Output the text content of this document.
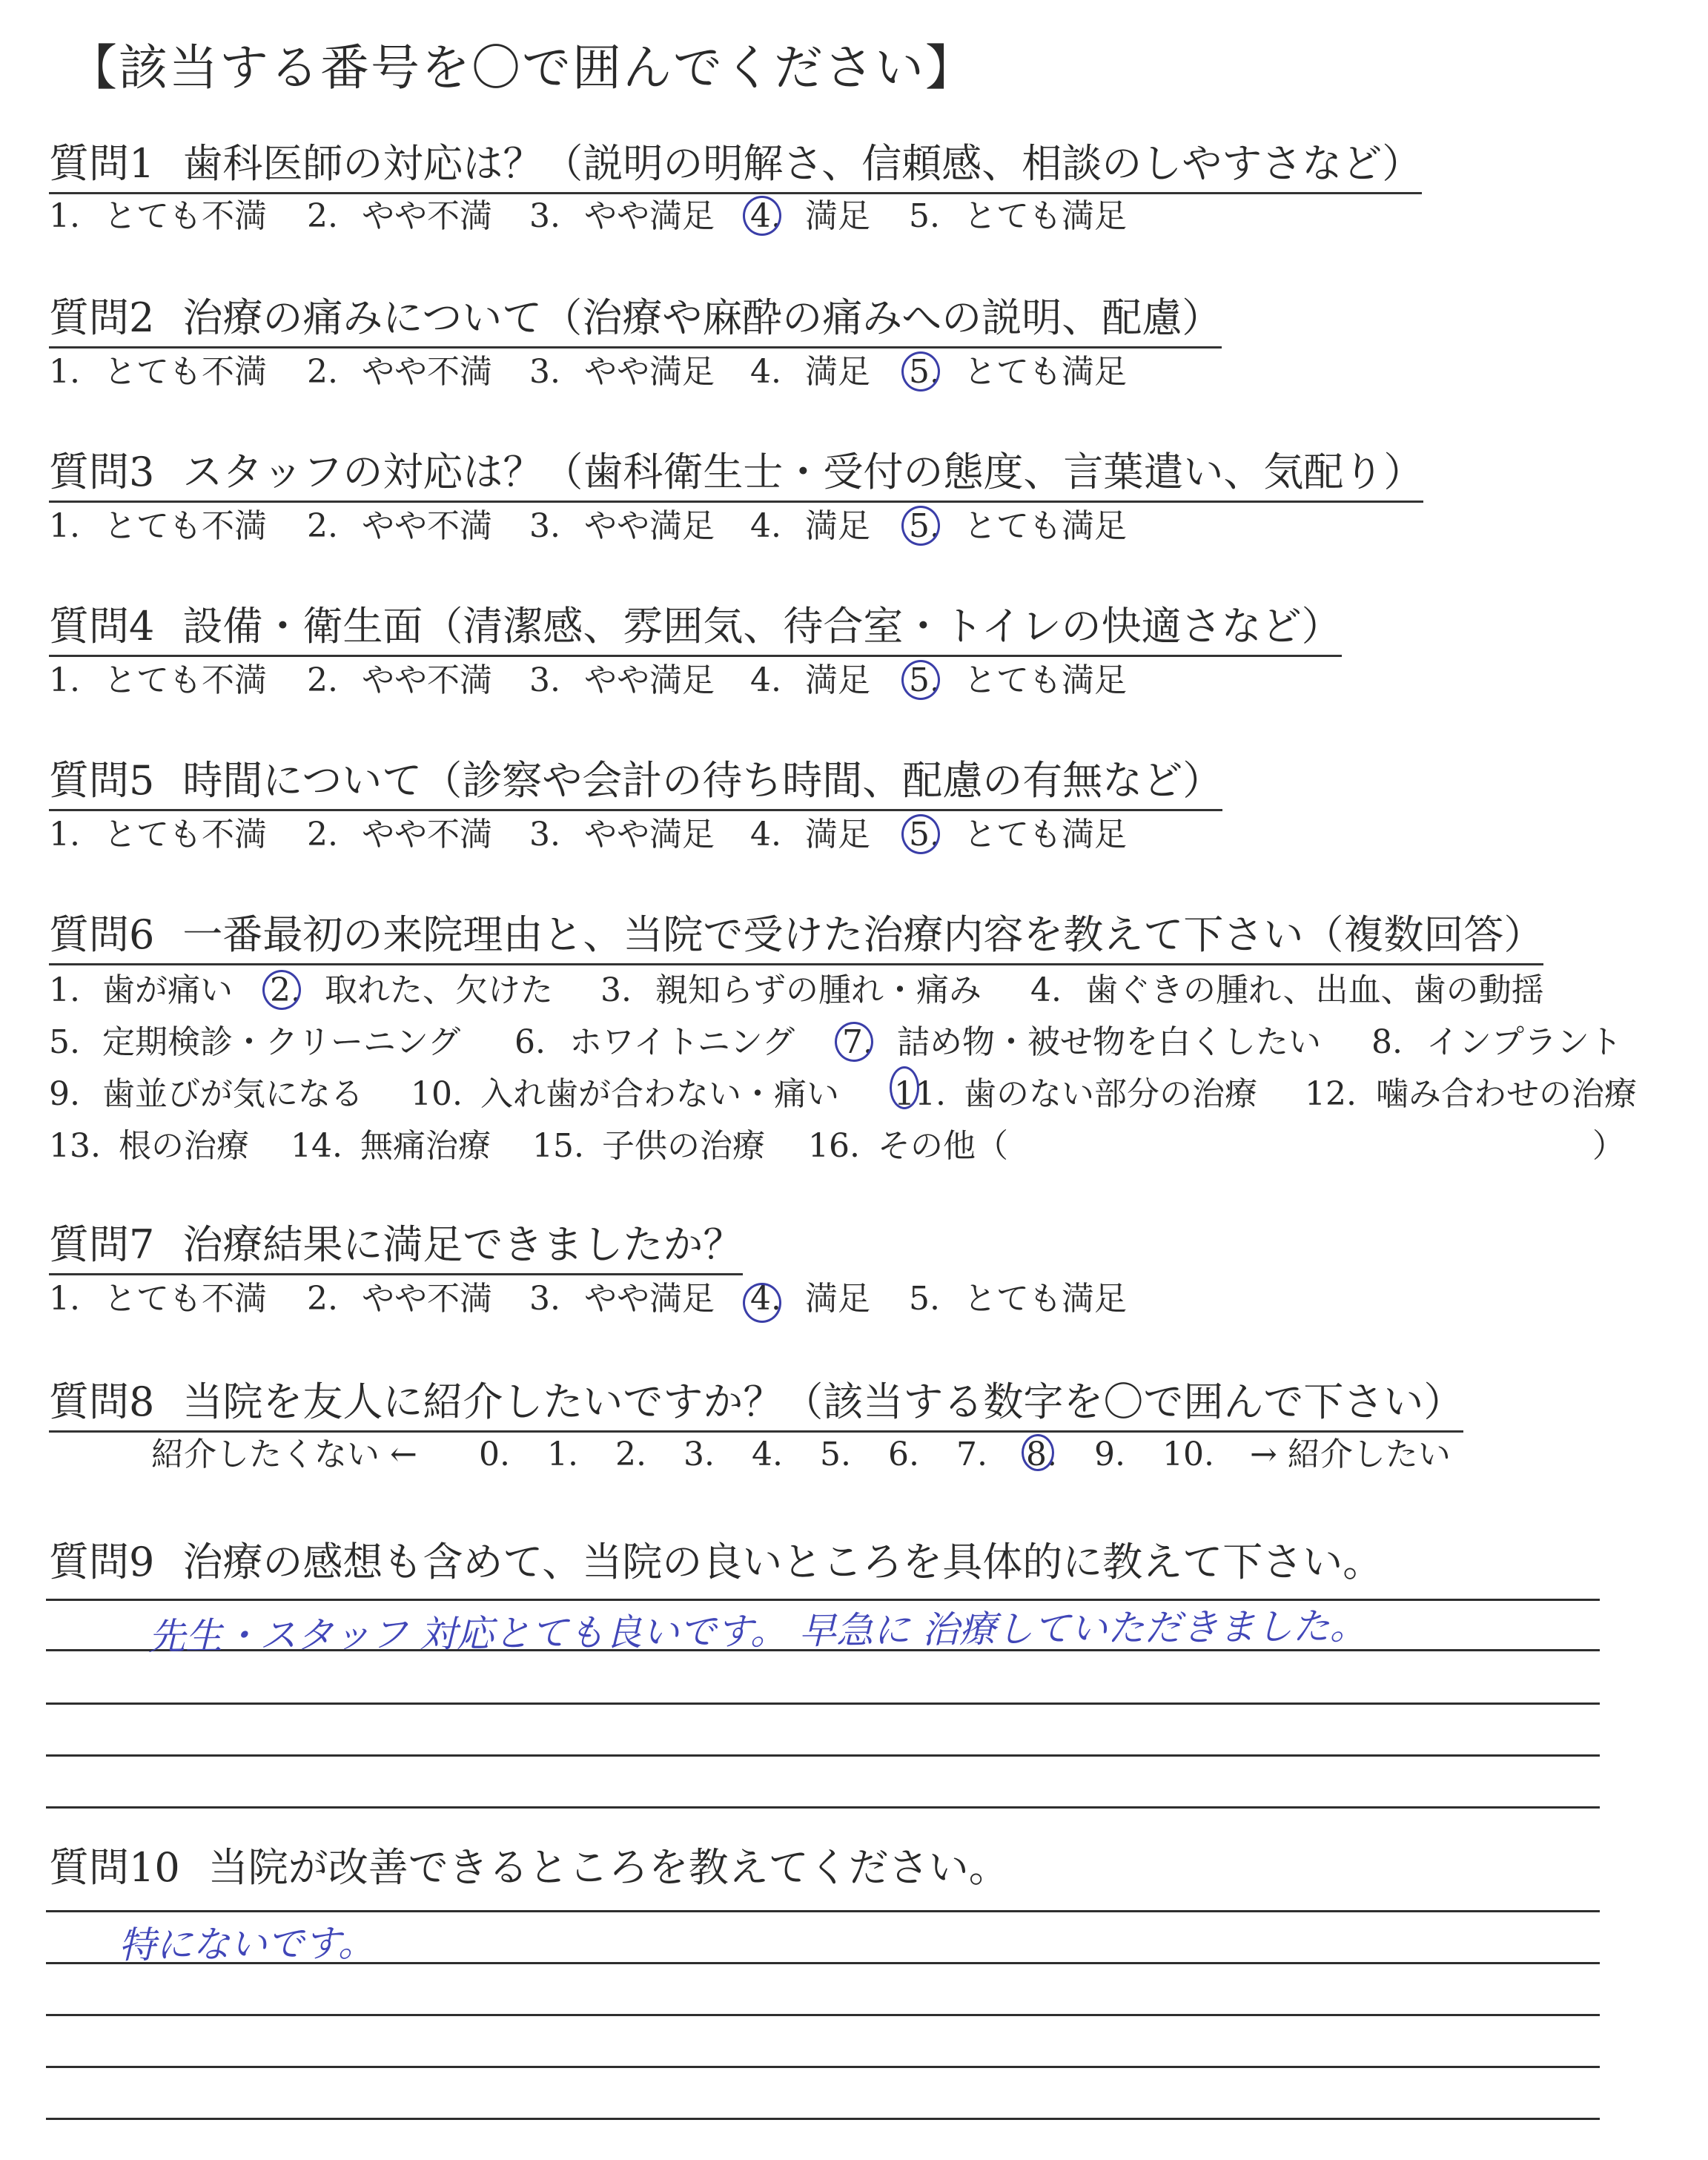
【該当する番号を〇で囲んでください】
質問1 歯科医師の対応は？（説明の明解さ、信頼感、相談のしやすさなど）
1. とても不満 2. やや不満 3. やや満足 4. 満足 5. とても満足
質問2 治療の痛みについて（治療や麻酔の痛みへの説明、配慮）
1. とても不満 2. やや不満 3. やや満足 4. 満足 5. とても満足
質問3 スタッフの対応は？（歯科衛生士・受付の態度、言葉遣い、気配り）
1. とても不満 2. やや不満 3. やや満足 4. 満足 5. とても満足
質問4 設備・衛生面（清潔感、雰囲気、待合室・トイレの快適さなど）
1. とても不満 2. やや不満 3. やや満足 4. 満足 5. とても満足
質問5 時間について（診察や会計の待ち時間、配慮の有無など）
1. とても不満 2. やや不満 3. やや満足 4. 満足 5. とても満足
質問6 一番最初の来院理由と、当院で受けた治療内容を教えて下さい（複数回答）
1. 歯が痛い 2. 取れた、欠けた 3. 親知らずの腫れ・痛み 4. 歯ぐきの腫れ、出血、歯の動揺
5. 定期検診・クリーニング 6. ホワイトニング 7. 詰め物・被せ物を白くしたい 8. インプラント
9. 歯並びが気になる 10. 入れ歯が合わない・痛い 11. 歯のない部分の治療 12. 噛み合わせの治療
13. 根の治療 14. 無痛治療 15. 子供の治療 16. その他（	）
質問7 治療結果に満足できましたか？
1. とても不満 2. やや不満 3. やや満足 4. 満足 5. とても満足
質問8 当院を友人に紹介したいですか？（該当する数字を〇で囲んで下さい）
紹介したくない ← 0. 1. 2. 3. 4. 5. 6. 7. 8. 9. 10. → 紹介したい
質問9 治療の感想も含めて、当院の良いところを具体的に教えて下さい。
先生・スタッフ 対応とても良いです。 早急に 治療していただきました。
質問10 当院が改善できるところを教えてください。
特にないです。
